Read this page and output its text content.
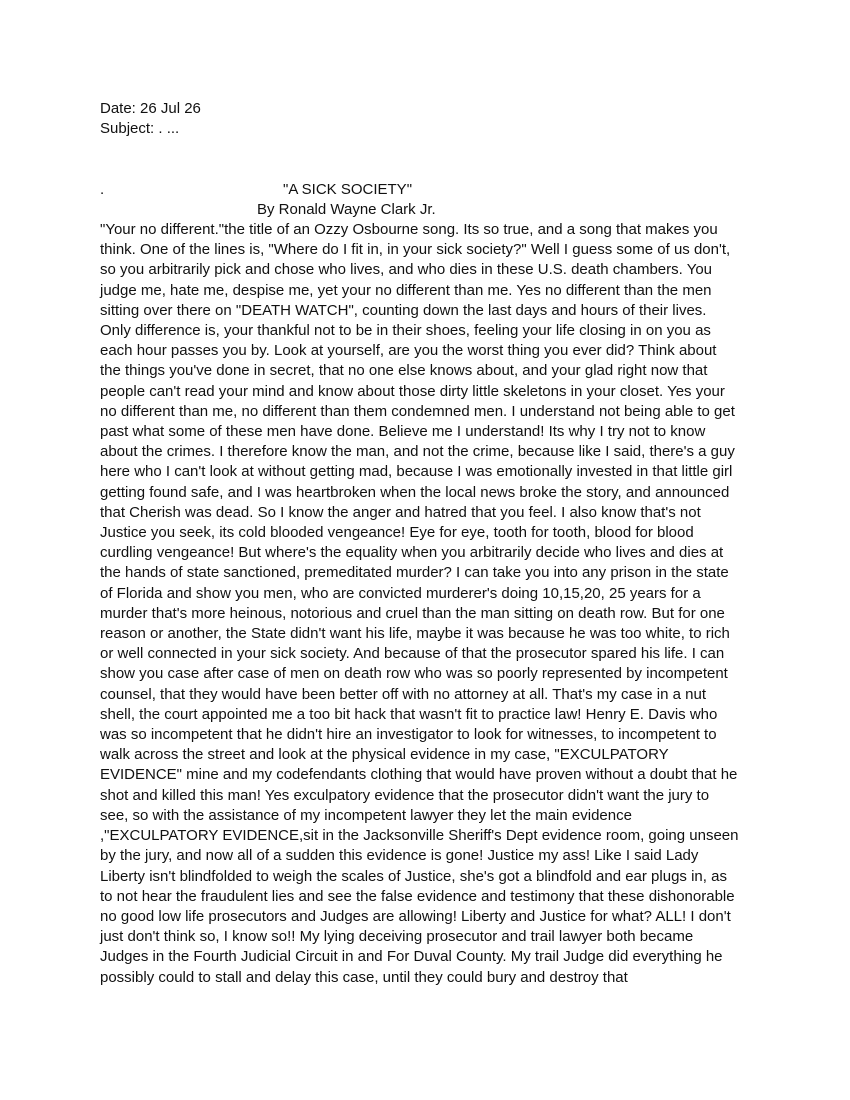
Date: 26 Jul 26
Subject: . ...
.	"A SICK SOCIETY"
By Ronald Wayne Clark Jr.
"Your no different."the title of an Ozzy Osbourne song. Its so true, and a song that makes you
think. One of the lines is, "Where do I fit in, in your sick society?" Well I guess some of us don't,
so you arbitrarily pick and chose who lives, and who dies in these U.S. death chambers. You
judge me, hate me, despise me, yet your no different than me. Yes no different than the men
sitting over there on "DEATH WATCH", counting down the last days and hours of their lives.
Only difference is, your thankful not to be in their shoes, feeling your life closing in on you as
each hour passes you by. Look at yourself, are you the worst thing you ever did? Think about
the things you've done in secret, that no one else knows about, and your glad right now that
people can't read your mind and know about those dirty little skeletons in your closet. Yes your
no different than me, no different than them condemned men. I understand not being able to get
past what some of these men have done. Believe me I understand! Its why I try not to know
about the crimes. I therefore know the man, and not the crime, because like I said, there's a guy
here who I can't look at without getting mad, because I was emotionally invested in that little girl
getting found safe, and I was heartbroken when the local news broke the story, and announced
that Cherish was dead. So I know the anger and hatred that you feel. I also know that's not
Justice you seek, its cold blooded vengeance! Eye for eye, tooth for tooth, blood for blood
curdling vengeance! But where's the equality when you arbitrarily decide who lives and dies at
the hands of state sanctioned, premeditated murder? I can take you into any prison in the state
of Florida and show you men, who are convicted murderer's doing 10,15,20, 25 years for a
murder that's more heinous, notorious and cruel than the man sitting on death row. But for one
reason or another, the State didn't want his life, maybe it was because he was too white, to rich
or well connected in your sick society. And because of that the prosecutor spared his life. I can
show you case after case of men on death row who was so poorly represented by incompetent
counsel, that they would have been better off with no attorney at all. That's my case in a nut
shell, the court appointed me a too bit hack that wasn't fit to practice law! Henry E. Davis who
was so incompetent that he didn't hire an investigator to look for witnesses, to incompetent to
walk across the street and look at the physical evidence in my case, "EXCULPATORY
EVIDENCE" mine and my codefendants clothing that would have proven without a doubt that he
shot and killed this man! Yes exculpatory evidence that the prosecutor didn't want the jury to
see, so with the assistance of my incompetent lawyer they let the main evidence
,"EXCULPATORY EVIDENCE,sit in the Jacksonville Sheriff's Dept evidence room, going unseen
by the jury, and now all of a sudden this evidence is gone! Justice my ass! Like I said Lady
Liberty isn't blindfolded to weigh the scales of Justice, she's got a blindfold and ear plugs in, as
to not hear the fraudulent lies and see the false evidence and testimony that these dishonorable
no good low life prosecutors and Judges are allowing! Liberty and Justice for what? ALL! I don't
just don't think so, I know so!! My lying deceiving prosecutor and trail lawyer both became
Judges in the Fourth Judicial Circuit in and For Duval County. My trail Judge did everything he
possibly could to stall and delay this case, until they could bury and destroy that
